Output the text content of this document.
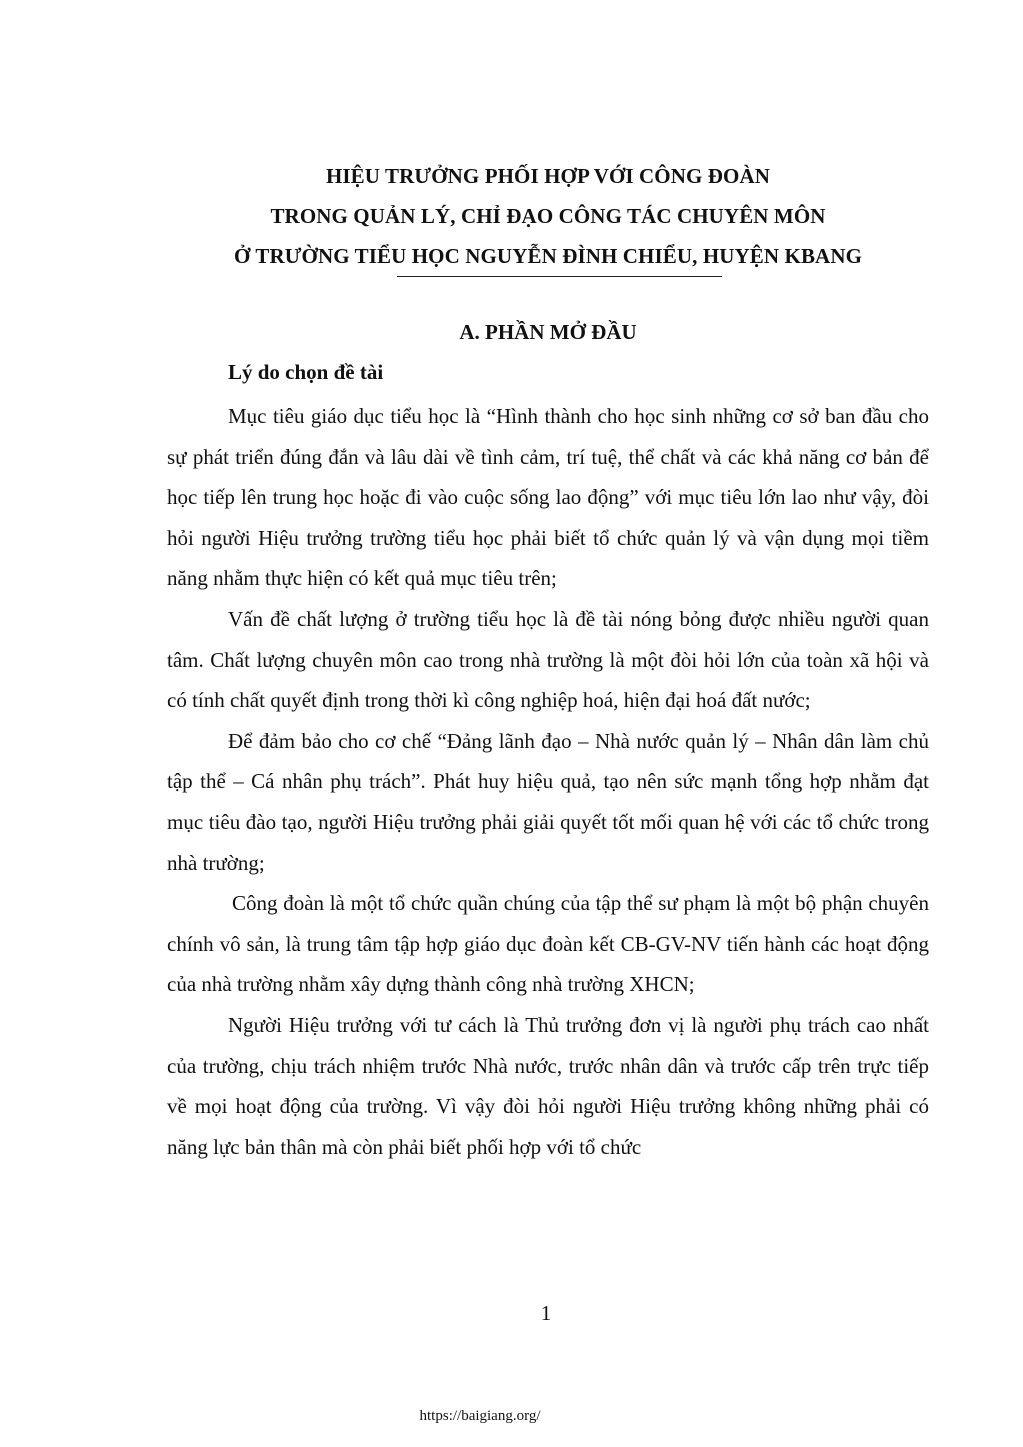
HIỆU TRƯỞNG PHỐI HỢP VỚI CÔNG ĐOÀN
TRONG QUẢN LÝ, CHỈ ĐẠO CÔNG TÁC CHUYÊN MÔN
Ở TRƯỜNG TIỂU HỌC NGUYỄN ĐÌNH CHIỂU, HUYỆN KBANG
A. PHẦN MỞ ĐẦU
Lý do chọn đề tài

Mục tiêu giáo dục tiểu học là “Hình thành cho học sinh những cơ sở ban đầu cho sự phát triển đúng đắn và lâu dài về tình cảm, trí tuệ, thể chất và các khả năng cơ bản để học tiếp lên trung học hoặc đi vào cuộc sống lao động” với mục tiêu lớn lao như vậy, đòi hỏi người Hiệu trưởng trường tiểu học phải biết tổ chức quản lý và vận dụng mọi tiềm năng nhằm thực hiện có kết quả mục tiêu trên;

Vấn đề chất lượng ở trường tiểu học là đề tài nóng bỏng được nhiều người quan tâm. Chất lượng chuyên môn cao trong nhà trường là một đòi hỏi lớn của toàn xã hội và có tính chất quyết định trong thời kì công nghiệp hoá, hiện đại hoá đất nước;

Để đảm bảo cho cơ chế “Đảng lãnh đạo – Nhà nước quản lý – Nhân dân làm chủ tập thể – Cá nhân phụ trách”. Phát huy hiệu quả, tạo nên sức mạnh tổng hợp nhằm đạt mục tiêu đào tạo, người Hiệu trưởng phải giải quyết tốt mối quan hệ với các tổ chức trong nhà trường;

Công đoàn là một tổ chức quần chúng của tập thể sư phạm là một bộ phận chuyên chính vô sản, là trung tâm tập hợp giáo dục đoàn kết CB-GV-NV tiến hành các hoạt động của nhà trường nhằm xây dựng thành công nhà trường XHCN;

Người Hiệu trưởng với tư cách là Thủ trưởng đơn vị là người phụ trách cao nhất của trường, chịu trách nhiệm trước Nhà nước, trước nhân dân và trước cấp trên trực tiếp về mọi hoạt động của trường. Vì vậy đòi hỏi người Hiệu trưởng không những phải có năng lực bản thân mà còn phải biết phối hợp với tổ chức

1
https://baigiang.org/
